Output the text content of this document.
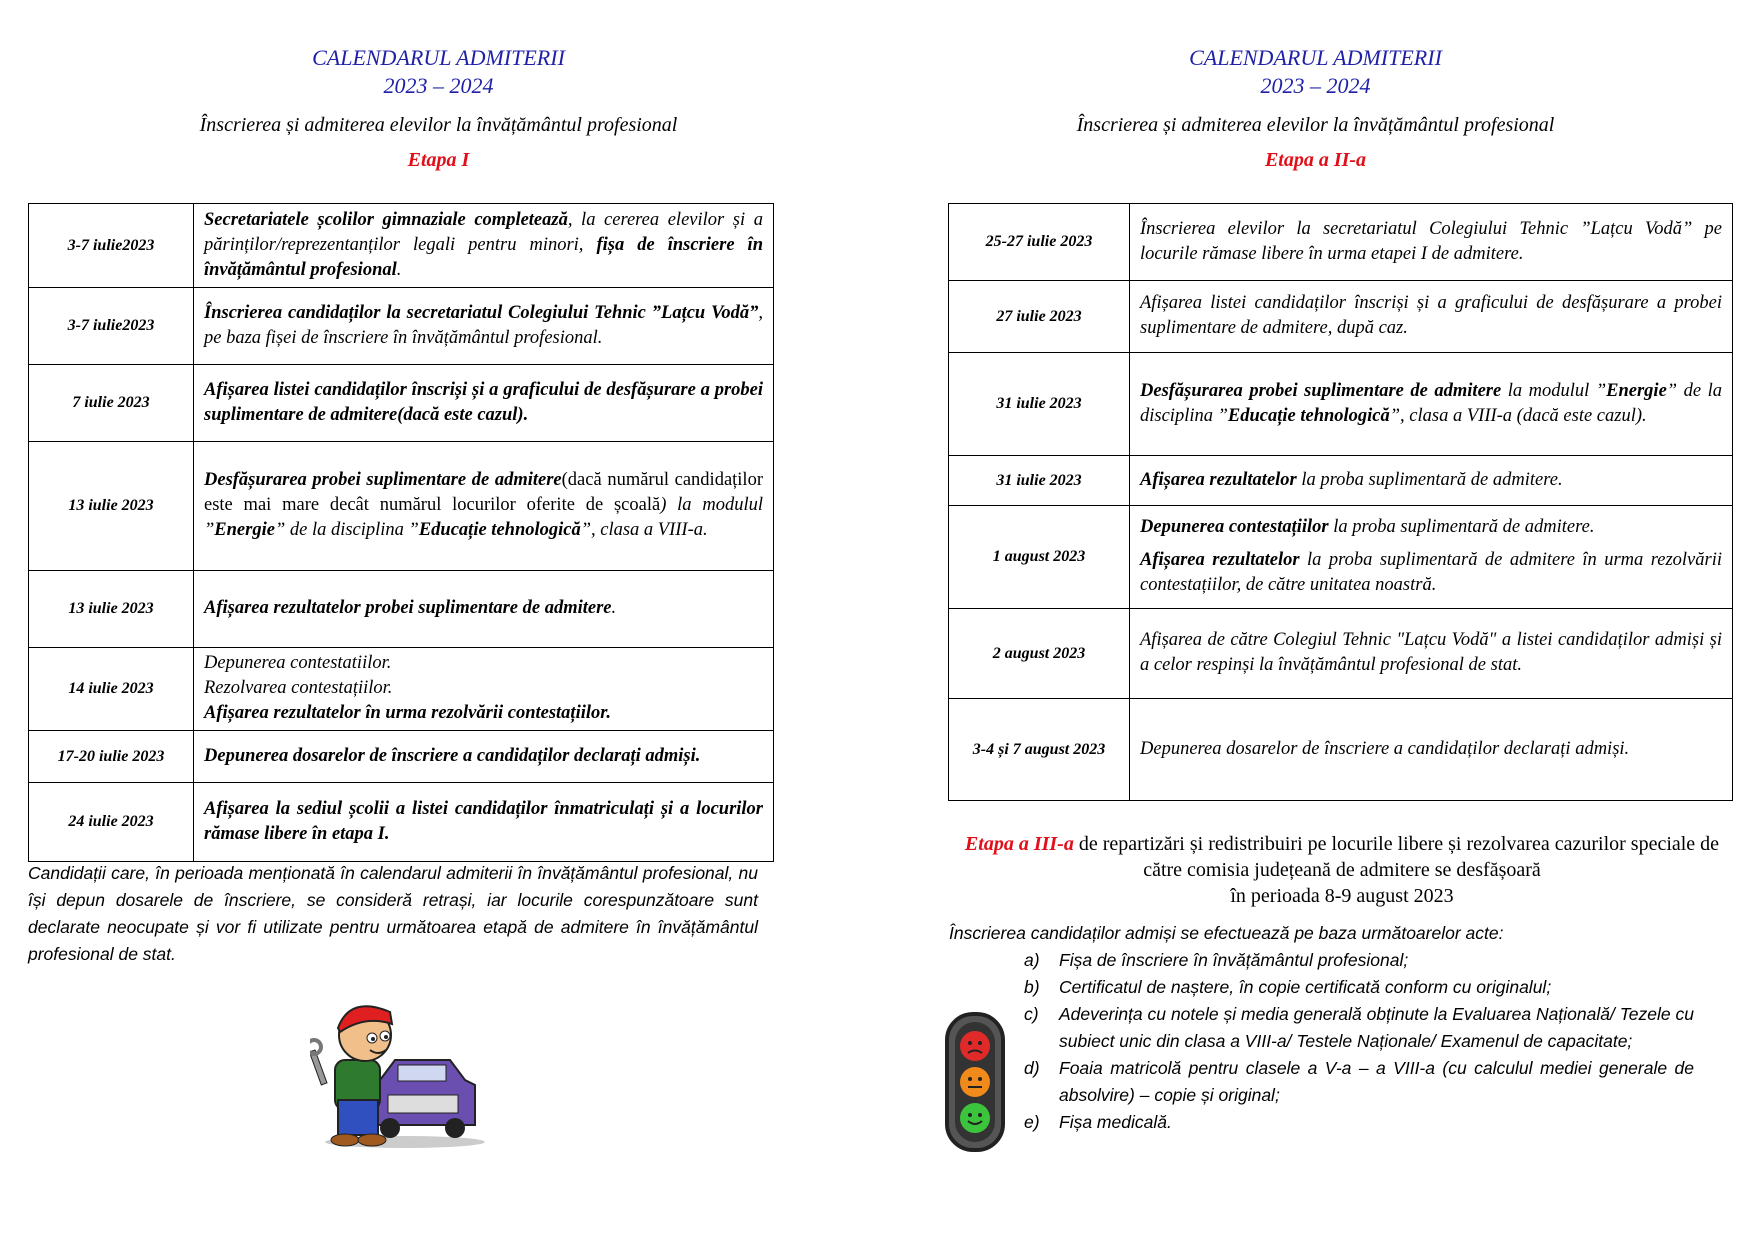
CALENDARUL ADMITERII
2023 – 2024
Înscrierea și admiterea elevilor la învățământul profesional
Etapa I
3-7 iulie2023	Secretariatele școlilor gimnaziale completează, la cererea elevilor și a părinților/reprezentanților legali pentru minori, fișa de înscriere în învățământul profesional.
3-7 iulie2023	Înscrierea candidaților la secretariatul Colegiului Tehnic ”Lațcu Vodă”, pe baza fișei de înscriere în învățământul profesional.
7 iulie 2023	Afișarea listei candidaților înscriși și a graficului de desfășurare a probei suplimentare de admitere(dacă este cazul).
13 iulie 2023	Desfășurarea probei suplimentare de admitere(dacă numărul candidaților este mai mare decât numărul locurilor oferite de școală) la modulul ”Energie” de la disciplina ”Educație tehnologică”, clasa a VIII-a.
13 iulie 2023	Afișarea rezultatelor probei suplimentare de admitere.
14 iulie 2023	Depunerea contestatiilor.
Rezolvarea contestațiilor.
Afișarea rezultatelor în urma rezolvării contestațiilor.

17-20 iulie 2023	Depunerea dosarelor de înscriere a candidaților declarați admiși.
24 iulie 2023	Afișarea la sediul școlii a listei candidaților înmatriculați și a locurilor rămase libere în etapa I.
Candidații care, în perioada menționată în calendarul admiterii în învățământul profesional, nu își depun dosarele de înscriere, se consideră retrași, iar locurile corespunzătoare sunt declarate neocupate și vor fi utilizate pentru următoarea etapă de admitere în învățământul profesional de stat.
CALENDARUL ADMITERII
2023 – 2024
Înscrierea și admiterea elevilor la învățământul profesional
Etapa a II-a
25-27 iulie 2023	Înscrierea elevilor la secretariatul Colegiului Tehnic ”Lațcu Vodă” pe locurile rămase libere în urma etapei I de admitere.
27 iulie 2023	Afișarea listei candidaților înscriși și a graficului de desfășurare a probei suplimentare de admitere, după caz.
31 iulie 2023	Desfășurarea probei suplimentare de admitere la modulul ”Energie” de la disciplina ”Educație tehnologică”, clasa a VIII-a (dacă este cazul).
31 iulie 2023	Afișarea rezultatelor la proba suplimentară de admitere.
1 august 2023	Depunerea contestațiilor la proba suplimentară de admitere.
Afișarea rezultatelor la proba suplimentară de admitere în urma rezolvării contestațiilor, de către unitatea noastră.

2 august 2023	Afișarea de către Colegiul Tehnic "Lațcu Vodă" a listei candidaților admiși și a celor respinși la învățământul profesional de stat.
3-4 și 7 august 2023	Depunerea dosarelor de înscriere a candidaților declarați admiși.
Etapa a III-a de repartizări și redistribuiri pe locurile libere și rezolvarea cazurilor speciale de către comisia județeană de admitere se desfășoară
în perioada 8-9 august 2023
Înscrierea candidaților admiși se efectuează pe baza următoarelor acte:
a) Fișa de înscriere în învățământul profesional;
b) Certificatul de naștere, în copie certificată conform cu originalul;
c) Adeverința cu notele și media generală obținute la Evaluarea Națională/ Tezele cu subiect unic din clasa a VIII-a/ Testele Naționale/ Examenul de capacitate;
d) Foaia matricolă pentru clasele a V-a – a VIII-a (cu calculul mediei generale de absolvire) – copie și original;
e) Fișa medicală.
